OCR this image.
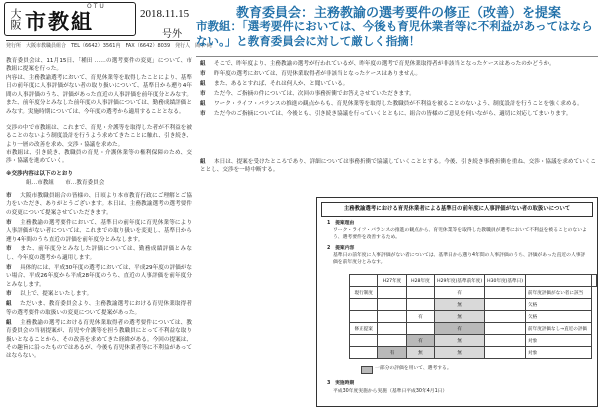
大阪 市教組
OTU
2018.11.15
号外
発行所　大阪市教職員組合　TEL（6642）3561内　FAX（6642）8039　発行人　岡本 純
教育委員会：主務教諭の選考要件の修正（改善）を提案
市教組：「選考要件においては、今後も育児休業者等に不利益があってはならない。」と教育委員会に対して厳しく指摘！
教育委員会は、11月15日、「種田 ……の選考要件の変更」について、市教組に提案を行った。
内容は、主務教諭選考において、育児休業等を取得したことにより、基準日の前年度に人事評価がない者の取り扱いについて、基準日から遡り4年間の人事評価のうち、評価があった直近の人事評価を前年度分とみなす。また、前年度分とみなした前年度の人事評価については、勤務成績評価とみなす。実施時期については、今年度の選考から適用することとなる。
交渉の中で市教組は、これまで、育児・介護等を取得した者が不利益を被ることのないよう制度設計を行うよう求めてきたことに触れ、引き続き、より一層の改善を求め、交渉・協議を求めた。
市教組は、引き続き、教職員の育児・介護休業等の権利保障のため、交渉・協議を進めていく。
※交渉内容は以下のとおり
組…市教組　　市…教育委員会
市 大阪市教職員組合の皆様の、日頃より本市教育行政にご理解とご協力をいただき、ありがとうございます。本日は、主務教諭選考の選考要件の変更について提案させていただきます。
市 主務教諭の選考要件において、基準日の前年度に育児休業等により人事評価がない者については、これまでの取り扱いを変更し、基準日から遡り4年間のうち直近の評価を前年度分とみなします。
市 また、前年度分とみなした評価については、勤務成績評価とみなし、今年度の選考から適用します。
市 具体的には、平成30年度の選考においては、平成29年度の評価がない場合、平成26年度から平成28年度のうち、直近の人事評価を前年度分とみなします。
市 以上で、提案といたします。
組 ただいま、教育委員会より、主務教諭選考における育児休業取得者等の選考要件の取扱いの変更について提案があった。
組 主務教諭の選考における育児休業取得者の選考要件については、教育委員会の当初提案が、育児や介護等を担う教職員にとって不利益な取り扱いとなることから、その改善を求めてきた経緯がある。今回の提案は、その趣旨に沿ったものではあるが、今後も育児休業者等に不利益があってはならない。
組 そこで、昨年度より、主務教諭の選考が行われているが、昨年度の選考で育児休業取得者が非該当となったケースはあったのかどうか。
市 昨年度の選考においては、育児休業取得者が非該当となったケースはありません。
組 また、あるとすれば、それは何人か、と聞いている。
市 ただ今、ご指摘の件については、次回の事務折衝でお答えさせていただきます。
組 ワーク・ライフ・バランスの推進の観点からも、育児休業等を取得した教職員が不利益を被ることのないよう、制度設計を行うことを強く求める。
市 ただ今のご指摘については、今後とも、引き続き協議を行っていくとともに、組合の皆様のご意見を伺いながら、適切に対応してまいります。
組 本日は、提案を受けたところであり、詳細については事務折衝で協議していくこととする。今後、引き続き事務折衝を重ね、交渉・協議を求めていくこととし、交渉を一時中断する。
主務教諭選考における育児休業者による基準日の前年度に人事評価がない者の取扱いについて
1　提案理由
ワーク・ライフ・バランスの推進の観点から、育児休業等を取得した教職員が選考において不利益を被ることのないよう、選考要件を改善するため。
2　提案内容
基準日の前年度に人事評価がない者については、基準日から遡り4年間の人事評価のうち、評価があった直近の人事評価を前年度分とみなす。
	H27年度	H28年度	H29年度(基準前年度)	H30年度(基準日)		
現行制度			有		前年度評価がない者に該当	
			無		欠格	
		有	無		欠格	
修正提案			有		前年度評価なし→直近の評価	
		有	無		対象	
	有	無	無		対象	
一部分の評価を用いて、選考する。
3　実施時期
平成30年度実施から実施（基準日平成30年4月1日）
